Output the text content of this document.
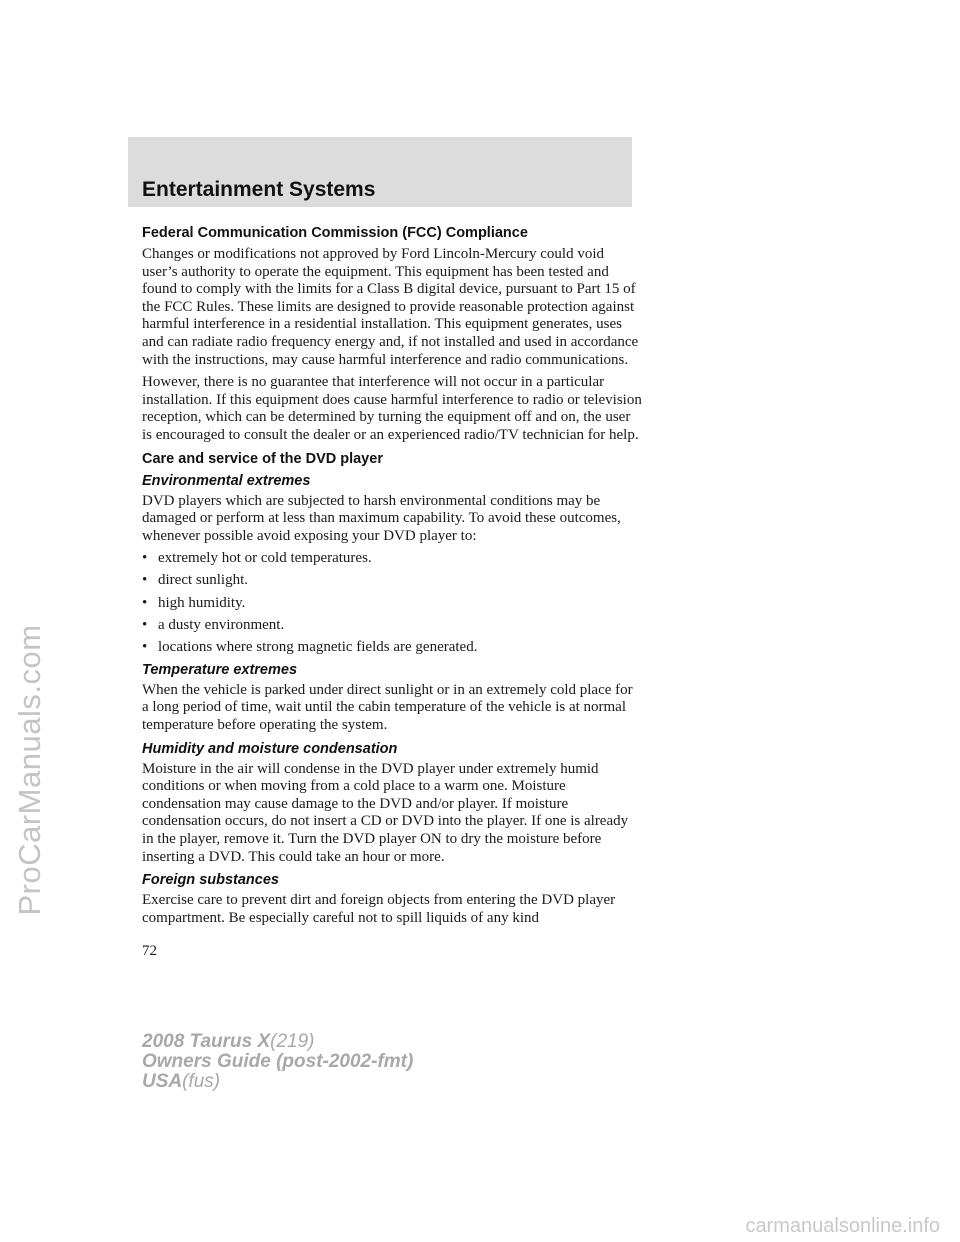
ProCarManuals.com
Entertainment Systems
Federal Communication Commission (FCC) Compliance

Changes or modifications not approved by Ford Lincoln-Mercury could void user’s authority to operate the equipment. This equipment has been tested and found to comply with the limits for a Class B digital device, pursuant to Part 15 of the FCC Rules. These limits are designed to provide reasonable protection against harmful interference in a residential installation. This equipment generates, uses and can radiate radio frequency energy and, if not installed and used in accordance with the instructions, may cause harmful interference and radio communications.

However, there is no guarantee that interference will not occur in a particular installation. If this equipment does cause harmful interference to radio or television reception, which can be determined by turning the equipment off and on, the user is encouraged to consult the dealer or an experienced radio/TV technician for help.

Care and service of the DVD player
Environmental extremes

DVD players which are subjected to harsh environmental conditions may be damaged or perform at less than maximum capability. To avoid these outcomes, whenever possible avoid exposing your DVD player to:

• extremely hot or cold temperatures.
• direct sunlight.
• high humidity.
• a dusty environment.
• locations where strong magnetic fields are generated.
Temperature extremes

When the vehicle is parked under direct sunlight or in an extremely cold place for a long period of time, wait until the cabin temperature of the vehicle is at normal temperature before operating the system.

Humidity and moisture condensation

Moisture in the air will condense in the DVD player under extremely humid conditions or when moving from a cold place to a warm one. Moisture condensation may cause damage to the DVD and/or player. If moisture condensation occurs, do not insert a CD or DVD into the player. If one is already in the player, remove it. Turn the DVD player ON to dry the moisture before inserting a DVD. This could take an hour or more.

Foreign substances

Exercise care to prevent dirt and foreign objects from entering the DVD player compartment. Be especially careful not to spill liquids of any kind

72

2008 Taurus X(219)
Owners Guide (post-2002-fmt)
USA(fus)
carmanualsonline.info
